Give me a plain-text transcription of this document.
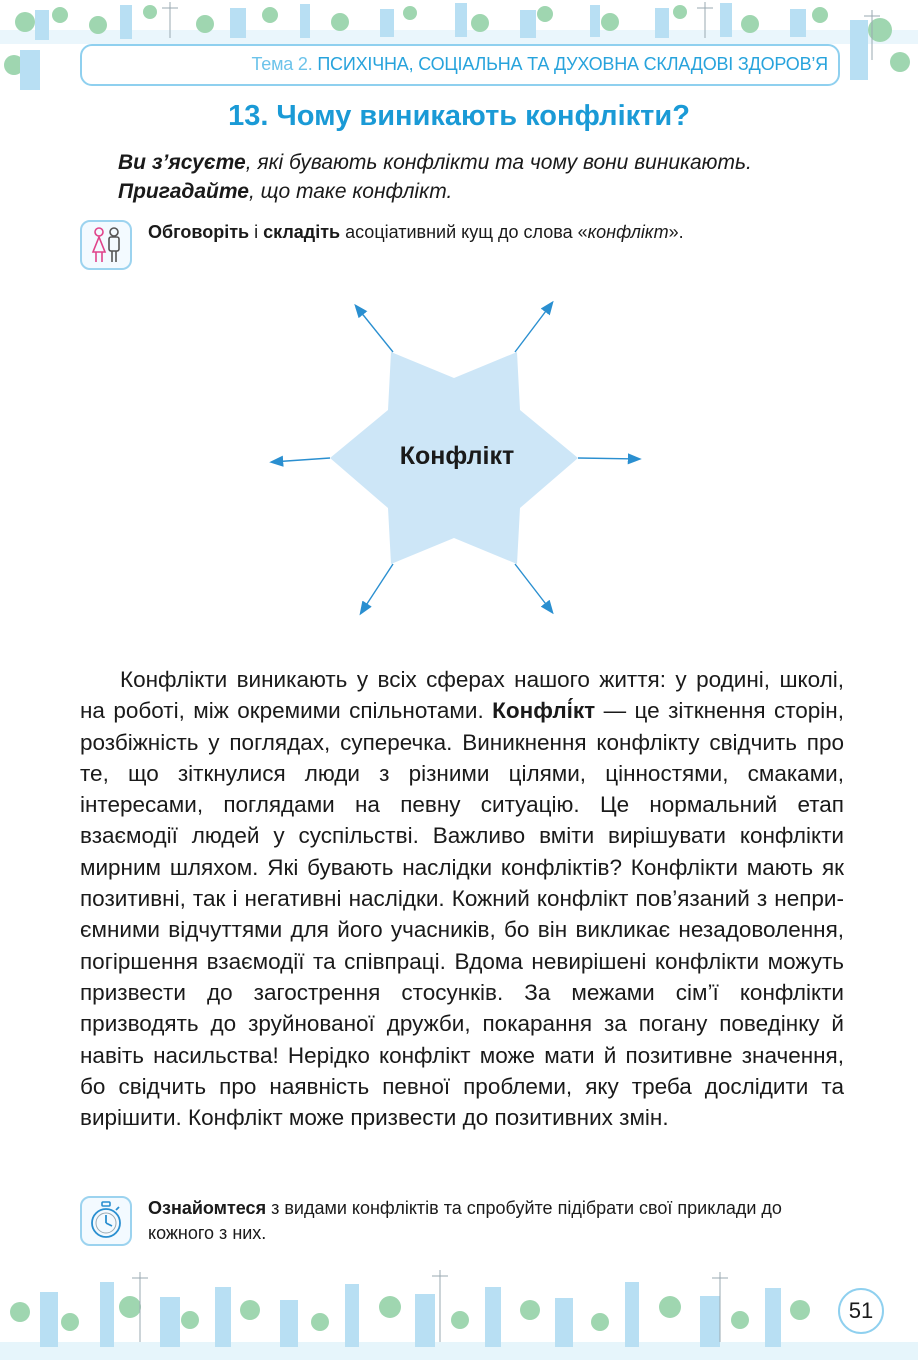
Тема 2. ПСИХІЧНА, СОЦІАЛЬНА ТА ДУХОВНА СКЛАДОВІ ЗДОРОВ’Я
13. Чому виникають конфлікти?
Ви з’ясуєте, які бувають конфлікти та чому вони виникають.
Пригадайте, що таке конфлікт.
Обговоріть і складіть асоціативний кущ до слова «конфлікт».
Конфлікт

Конфлікти виникають у всіх сферах нашого життя: у родині, школі, на роботі, між окремими спільнотами. Конфлі́кт — це зіткнення сторін, розбіжність у поглядах, суперечка. Виникнення конфлікту свідчить про те, що зіткнулися люди з різними цілями, цінностями, смаками, інтересами, поглядами на певну ситуацію. Це нормальний етап взаємодії людей у суспільстві. Важливо вміти вирішувати конфлікти мирним шляхом. Які бувають наслідки конфліктів? Конфлікти мають як позитивні, так і негативні наслідки. Кожний конфлікт пов’язаний з неприємними відчуттями для його учасників, бо він викликає незадоволення, погіршення взаємодії та співпраці. Вдома невирішені конфлікти можуть призвести до загострення стосунків. За межами сім’ї конфлікти призводять до зруйнованої дружби, покарання за погану поведінку й навіть насильства! Нерідко конфлікт може мати й позитивне значення, бо свідчить про наявність певної проблеми, яку треба дослідити та вирішити. Конфлікт може призвести до позитивних змін.

Ознайомтеся з видами конфліктів та спробуйте підібрати свої приклади до кожного з них.
51
